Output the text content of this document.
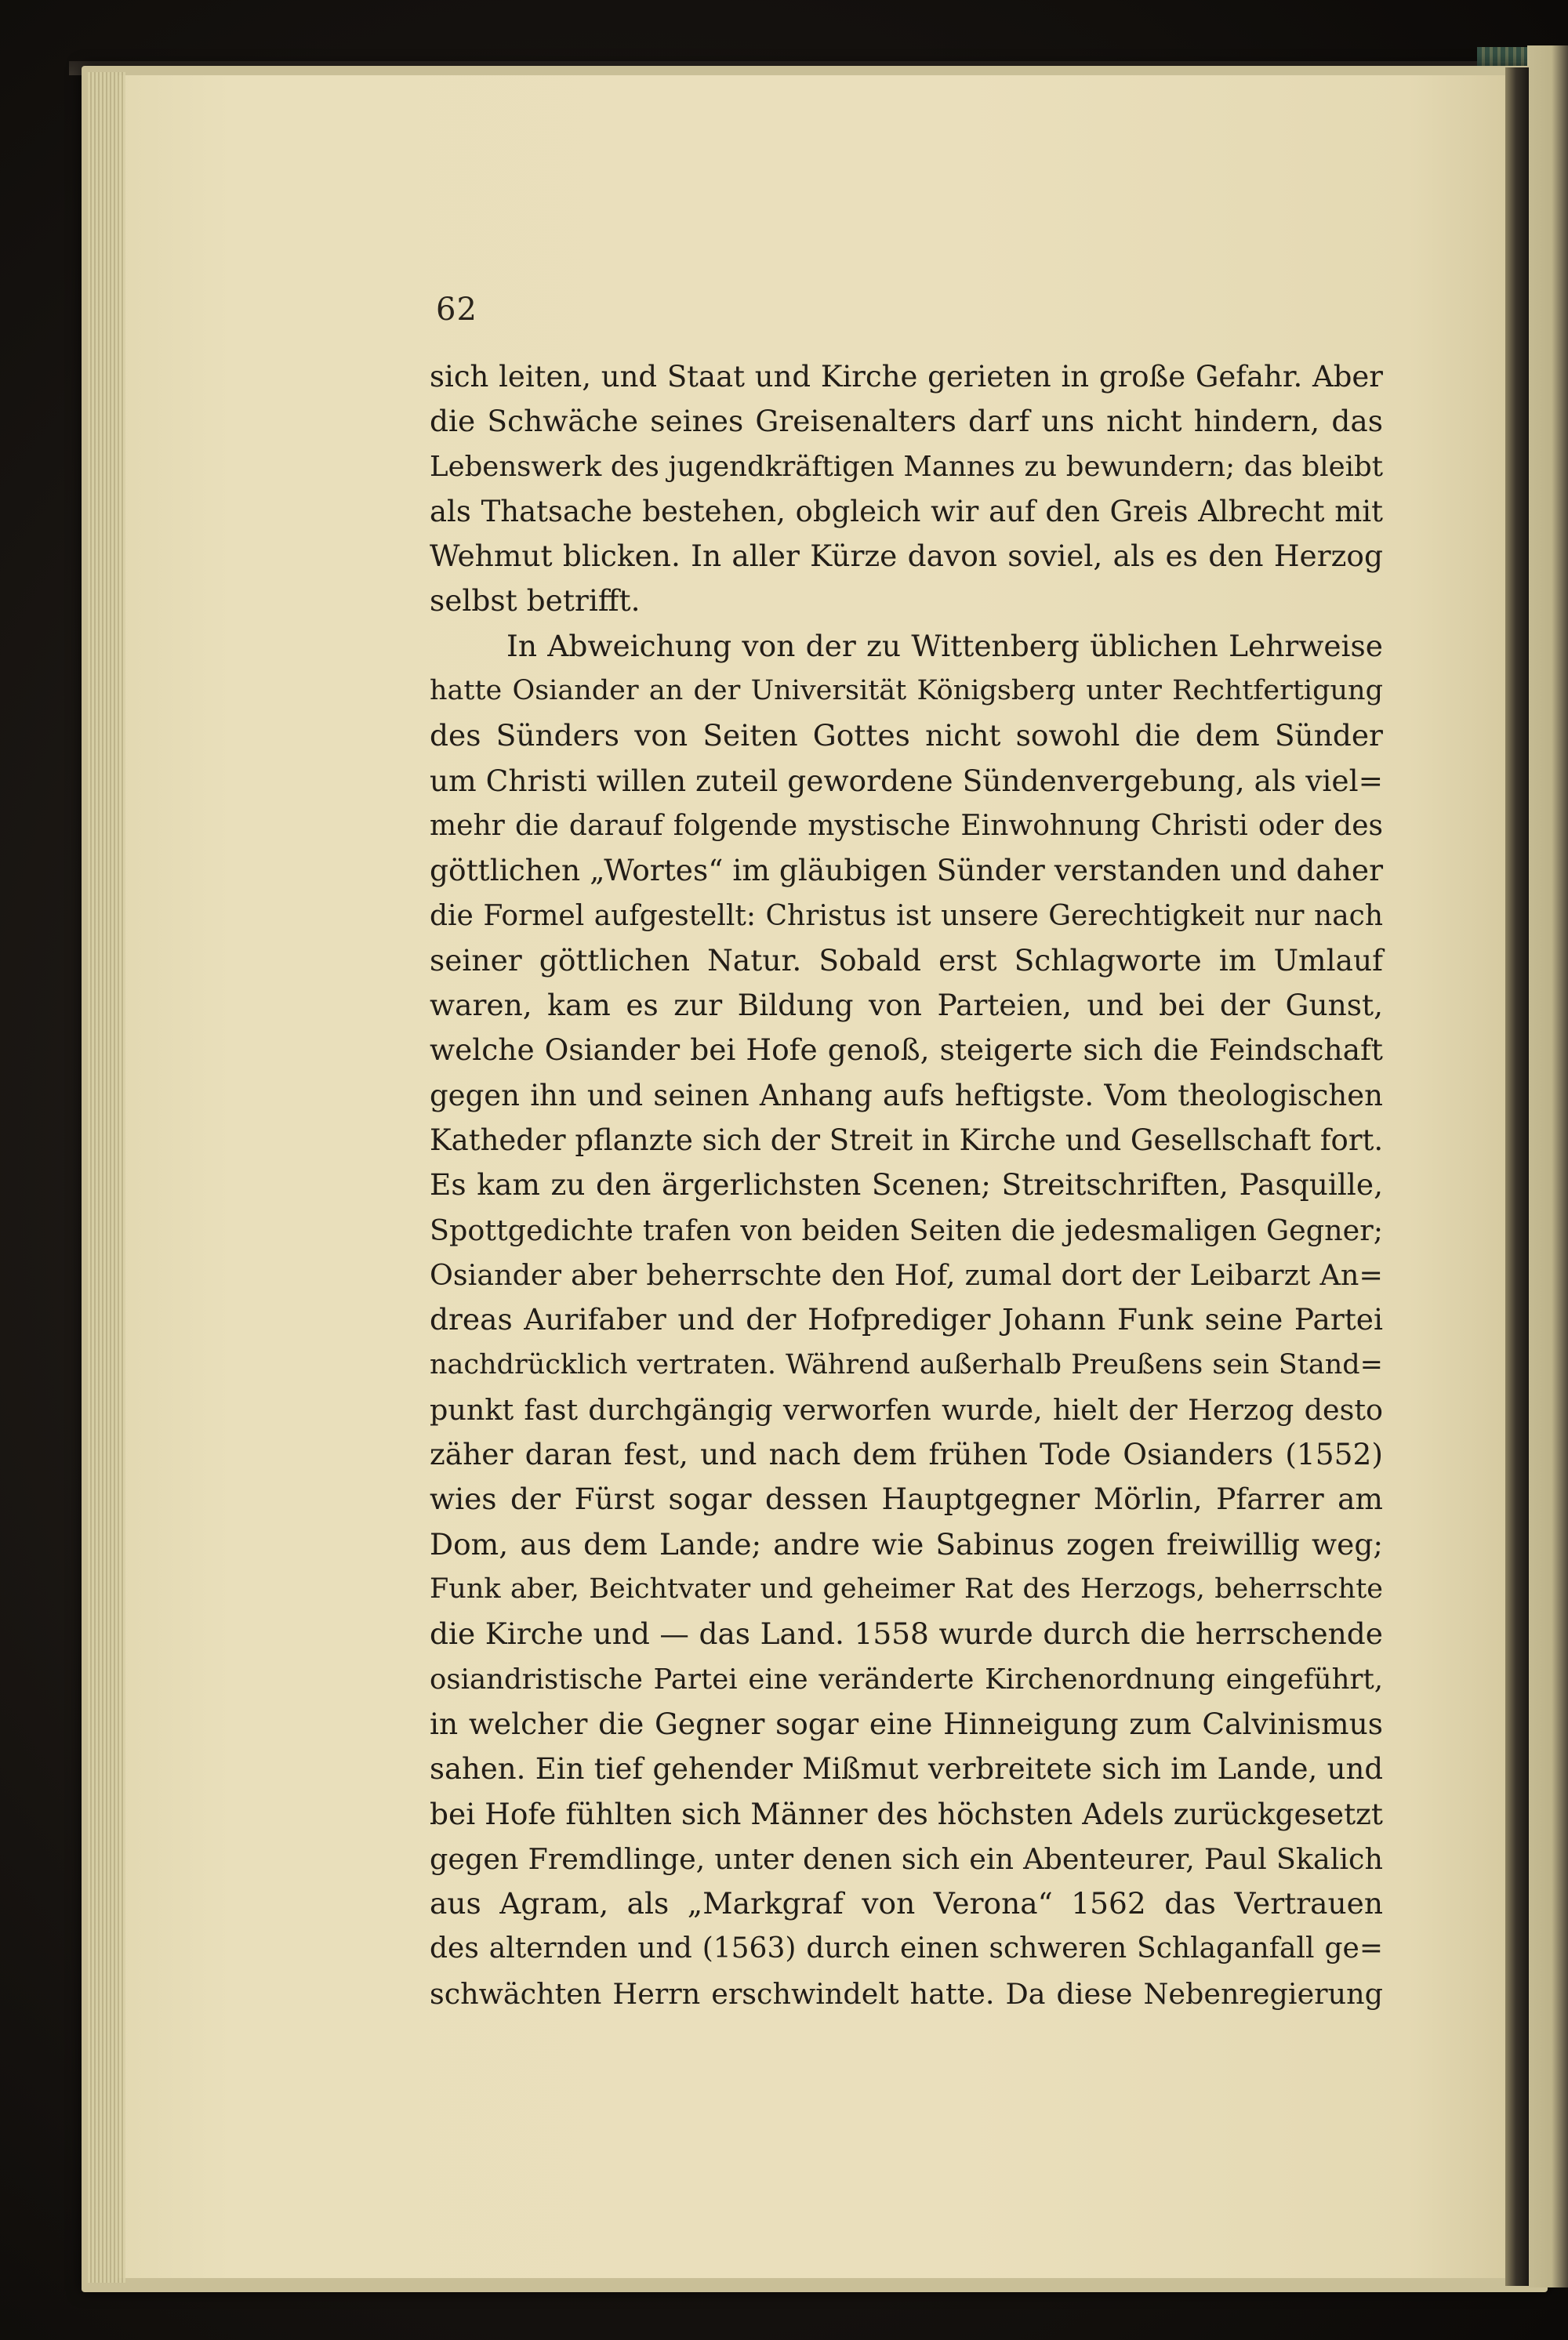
62
sich leiten, und Staat und Kirche gerieten in große Gefahr. Aber
die Schwäche seines Greisenalters darf uns nicht hindern, das
Lebenswerk des jugendkräftigen Mannes zu bewundern; das bleibt
als Thatsache bestehen, obgleich wir auf den Greis Albrecht mit
Wehmut blicken. In aller Kürze davon soviel, als es den Herzog
selbst betrifft.
In Abweichung von der zu Wittenberg üblichen Lehrweise
hatte Osiander an der Universität Königsberg unter Rechtfertigung
des Sünders von Seiten Gottes nicht sowohl die dem Sünder
um Christi willen zuteil gewordene Sündenvergebung, als viel=
mehr die darauf folgende mystische Einwohnung Christi oder des
göttlichen „Wortes“ im gläubigen Sünder verstanden und daher
die Formel aufgestellt: Christus ist unsere Gerechtigkeit nur nach
seiner göttlichen Natur. Sobald erst Schlagworte im Umlauf
waren, kam es zur Bildung von Parteien, und bei der Gunst,
welche Osiander bei Hofe genoß, steigerte sich die Feindschaft
gegen ihn und seinen Anhang aufs heftigste. Vom theologischen
Katheder pflanzte sich der Streit in Kirche und Gesellschaft fort.
Es kam zu den ärgerlichsten Scenen; Streitschriften, Pasquille,
Spottgedichte trafen von beiden Seiten die jedesmaligen Gegner;
Osiander aber beherrschte den Hof, zumal dort der Leibarzt An=
dreas Aurifaber und der Hofprediger Johann Funk seine Partei
nachdrücklich vertraten. Während außerhalb Preußens sein Stand=
punkt fast durchgängig verworfen wurde, hielt der Herzog desto
zäher daran fest, und nach dem frühen Tode Osianders (1552)
wies der Fürst sogar dessen Hauptgegner Mörlin, Pfarrer am
Dom, aus dem Lande; andre wie Sabinus zogen freiwillig weg;
Funk aber, Beichtvater und geheimer Rat des Herzogs, beherrschte
die Kirche und — das Land. 1558 wurde durch die herrschende
osiandristische Partei eine veränderte Kirchenordnung eingeführt,
in welcher die Gegner sogar eine Hinneigung zum Calvinismus
sahen. Ein tief gehender Mißmut verbreitete sich im Lande, und
bei Hofe fühlten sich Männer des höchsten Adels zurückgesetzt
gegen Fremdlinge, unter denen sich ein Abenteurer, Paul Skalich
aus Agram, als „Markgraf von Verona“ 1562 das Vertrauen
des alternden und (1563) durch einen schweren Schlaganfall ge=
schwächten Herrn erschwindelt hatte. Da diese Nebenregierung
